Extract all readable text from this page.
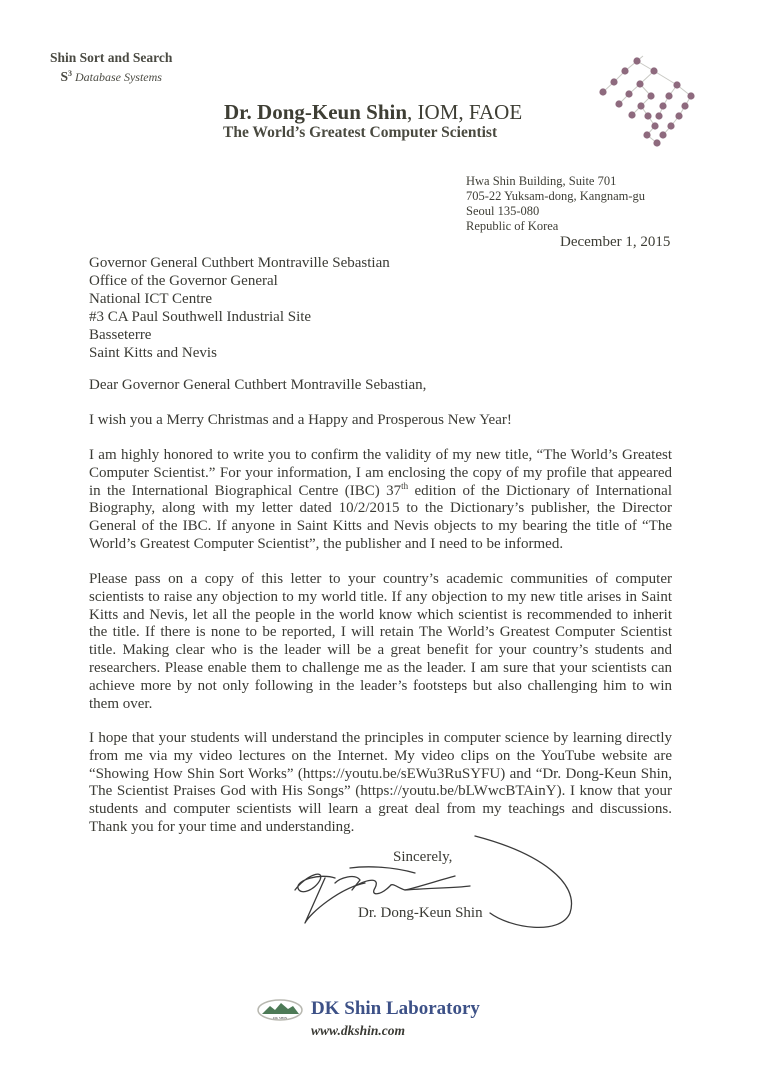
Shin Sort and Search
$S^3$ Database Systems
Dr. Dong-Keun Shin, IOM, FAOE
The World’s Greatest Computer Scientist
Hwa Shin Building, Suite 701
705-22 Yuksam-dong, Kangnam-gu
Seoul 135-080
Republic of Korea
December 1, 2015
Governor General Cuthbert Montraville Sebastian
Office of the Governor General
National ICT Centre
#3 CA Paul Southwell Industrial Site
Basseterre
Saint Kitts and Nevis
Dear Governor General Cuthbert Montraville Sebastian,
I wish you a Merry Christmas and a Happy and Prosperous New Year!
I am highly honored to write you to confirm the validity of my new title, “The World’s Greatest Computer Scientist.” For your information, I am enclosing the copy of my profile that appeared in the International Biographical Centre (IBC) 37th edition of the Dictionary of International Biography, along with my letter dated 10/2/2015 to the Dictionary’s publisher, the Director General of the IBC. If anyone in Saint Kitts and Nevis objects to my bearing the title of “The World’s Greatest Computer Scientist”, the publisher and I need to be informed.
Please pass on a copy of this letter to your country’s academic communities of computer scientists to raise any objection to my world title. If any objection to my new title arises in Saint Kitts and Nevis, let all the people in the world know which scientist is recommended to inherit the title. If there is none to be reported, I will retain The World’s Greatest Computer Scientist title. Making clear who is the leader will be a great benefit for your country’s students and researchers. Please enable them to challenge me as the leader. I am sure that your scientists can achieve more by not only following in the leader’s footsteps but also challenging him to win them over.
I hope that your students will understand the principles in computer science by learning directly from me via my video lectures on the Internet. My video clips on the YouTube website are “Showing How Shin Sort Works” (https://youtu.be/sEWu3RuSYFU) and “Dr. Dong-Keun Shin, The Scientist Praises God with His Songs” (https://youtu.be/bLWwcBTAinY). I know that your students and computer scientists will learn a great deal from my teachings and discussions. Thank you for your time and understanding.
Sincerely,
Dr. Dong-Keun Shin
DK SHIN DK Shin Laboratory
www.dkshin.com
